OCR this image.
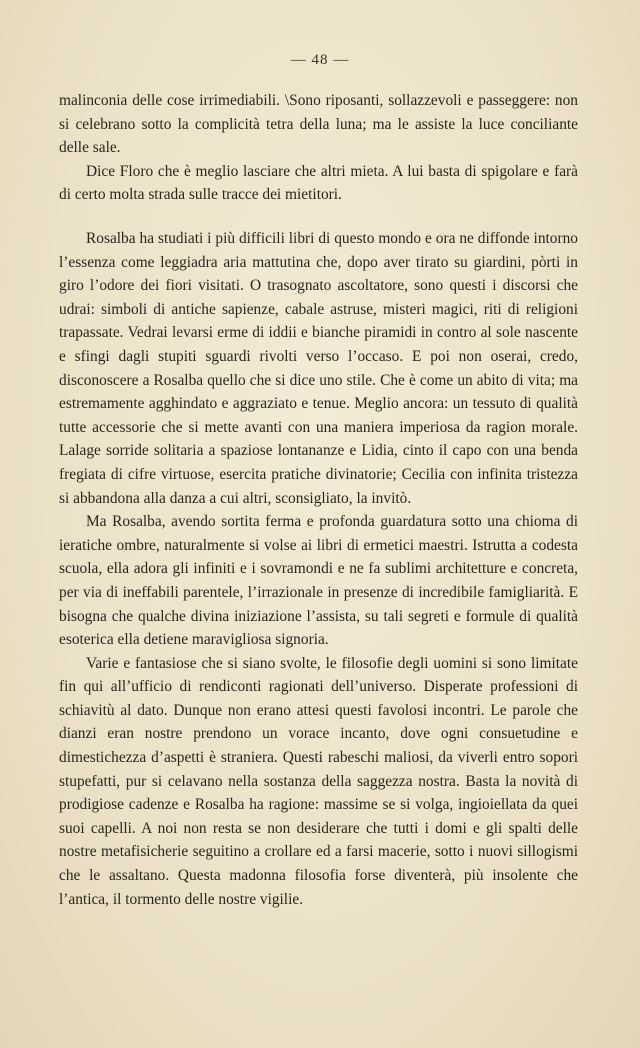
— 48 —

malinconia delle cose irrimediabili. \Sono riposanti, sollazzevoli e passeggere: non si celebrano sotto la complicità tetra della luna; ma le assiste la luce conciliante delle sale.

Dice Floro che è meglio lasciare che altri mieta. A lui basta di spigolare e farà di certo molta strada sulle tracce dei mietitori.

Rosalba ha studiati i più difficili libri di questo mondo e ora ne diffonde intorno l’essenza come leggiadra aria mattutina che, dopo aver tirato su giardini, pòrti in giro l’odore dei fiori visitati. O trasognato ascoltatore, sono questi i discorsi che udrai: simboli di antiche sapienze, cabale astruse, misteri magici, riti di religioni trapassate. Vedrai levarsi erme di iddii e bianche piramidi in contro al sole nascente e sfingi dagli stupiti sguardi rivolti verso l’occaso. E poi non oserai, credo, disconoscere a Rosalba quello che si dice uno stile. Che è come un abito di vita; ma estremamente agghindato e aggraziato e tenue. Meglio ancora: un tessuto di qualità tutte accessorie che si mette avanti con una maniera imperiosa da ragion morale. Lalage sorride solitaria a spaziose lontananze e Lidia, cinto il capo con una benda fregiata di cifre virtuose, esercita pratiche divinatorie; Cecilia con infinita tristezza si abbandona alla danza a cui altri, sconsigliato, la invitò.

Ma Rosalba, avendo sortita ferma e profonda guardatura sotto una chioma di ieratiche ombre, naturalmente si volse ai libri di ermetici maestri. Istrutta a codesta scuola, ella adora gli infiniti e i sovramondi e ne fa sublimi architetture e concreta, per via di ineffabili parentele, l’irrazionale in presenze di incredibile famigliarità. E bisogna che qualche divina iniziazione l’assista, su tali segreti e formule di qualità esoterica ella detiene maravigliosa signoria.

Varie e fantasiose che si siano svolte, le filosofie degli uomini si sono limitate fin qui all’ufficio di rendiconti ragionati dell’universo. Disperate professioni di schiavitù al dato. Dunque non erano attesi questi favolosi incontri. Le parole che dianzi eran nostre prendono un vorace incanto, dove ogni consuetudine e dimestichezza d’aspetti è straniera. Questi rabeschi maliosi, da viverli entro sopori stupefatti, pur si celavano nella sostanza della saggezza nostra. Basta la novità di prodigiose cadenze e Rosalba ha ragione: massime se si volga, ingioiellata da quei suoi capelli. A noi non resta se non desiderare che tutti i domi e gli spalti delle nostre metafisicherie seguitino a crollare ed a farsi macerie, sotto i nuovi sillogismi che le assaltano. Questa madonna filosofia forse diventerà, più insolente che l’antica, il tormento delle nostre vigilie.
